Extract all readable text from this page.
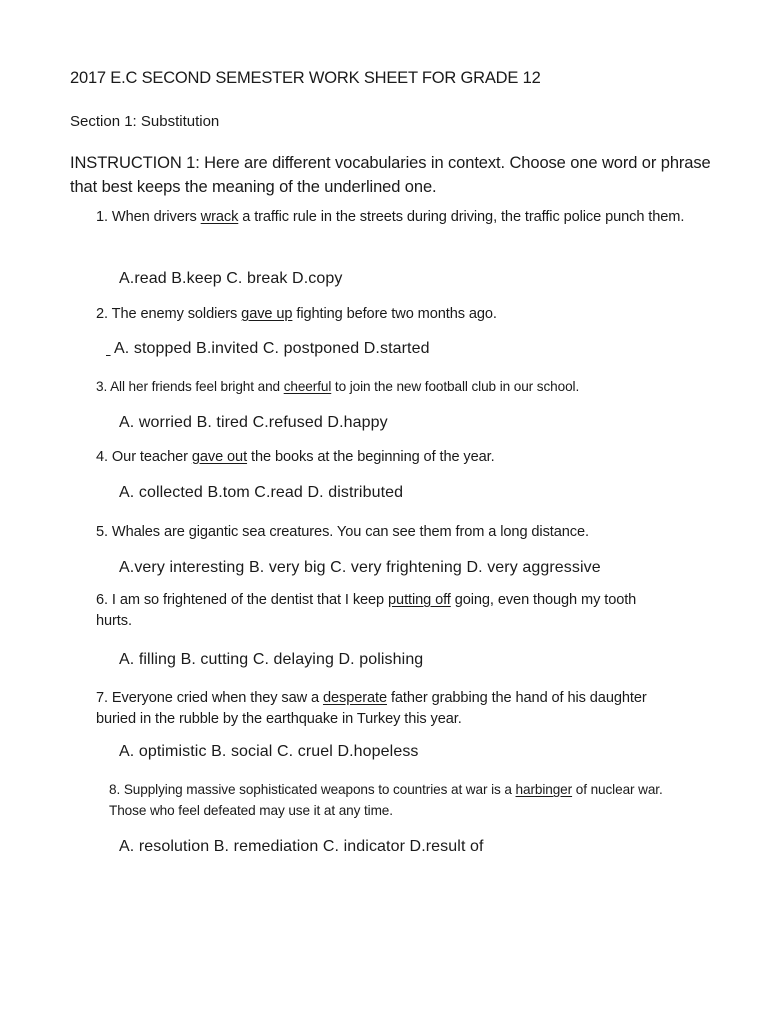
2017 E.C SECOND SEMESTER WORK SHEET FOR GRADE 12
Section 1: Substitution
INSTRUCTION 1: Here are different vocabularies in context. Choose one word or phrase that best keeps the meaning of the underlined one.
1. When drivers wrack a traffic rule in the streets during driving, the traffic police punch them.
A.read B.keep C. break D.copy
2. The enemy soldiers gave up fighting before two months ago.
A. stopped B.invited C. postponed D.started
3. All her friends feel bright and cheerful to join the new football club in our school.
A. worried B. tired C.refused D.happy
4. Our teacher gave out the books at the beginning of the year.
A. collected B.tom C.read D. distributed
5. Whales are gigantic sea creatures. You can see them from a long distance.
A.very interesting B. very big C. very frightening D. very aggressive
6. I am so frightened of the dentist that I keep putting off going, even though my tooth hurts.
A. filling B. cutting C. delaying D. polishing
7. Everyone cried when they saw a desperate father grabbing the hand of his daughter buried in the rubble by the earthquake in Turkey this year.
A. optimistic B. social C. cruel D.hopeless
8. Supplying massive sophisticated weapons to countries at war is a harbinger of nuclear war. Those who feel defeated may use it at any time.
A. resolution B. remediation C. indicator D.result of
